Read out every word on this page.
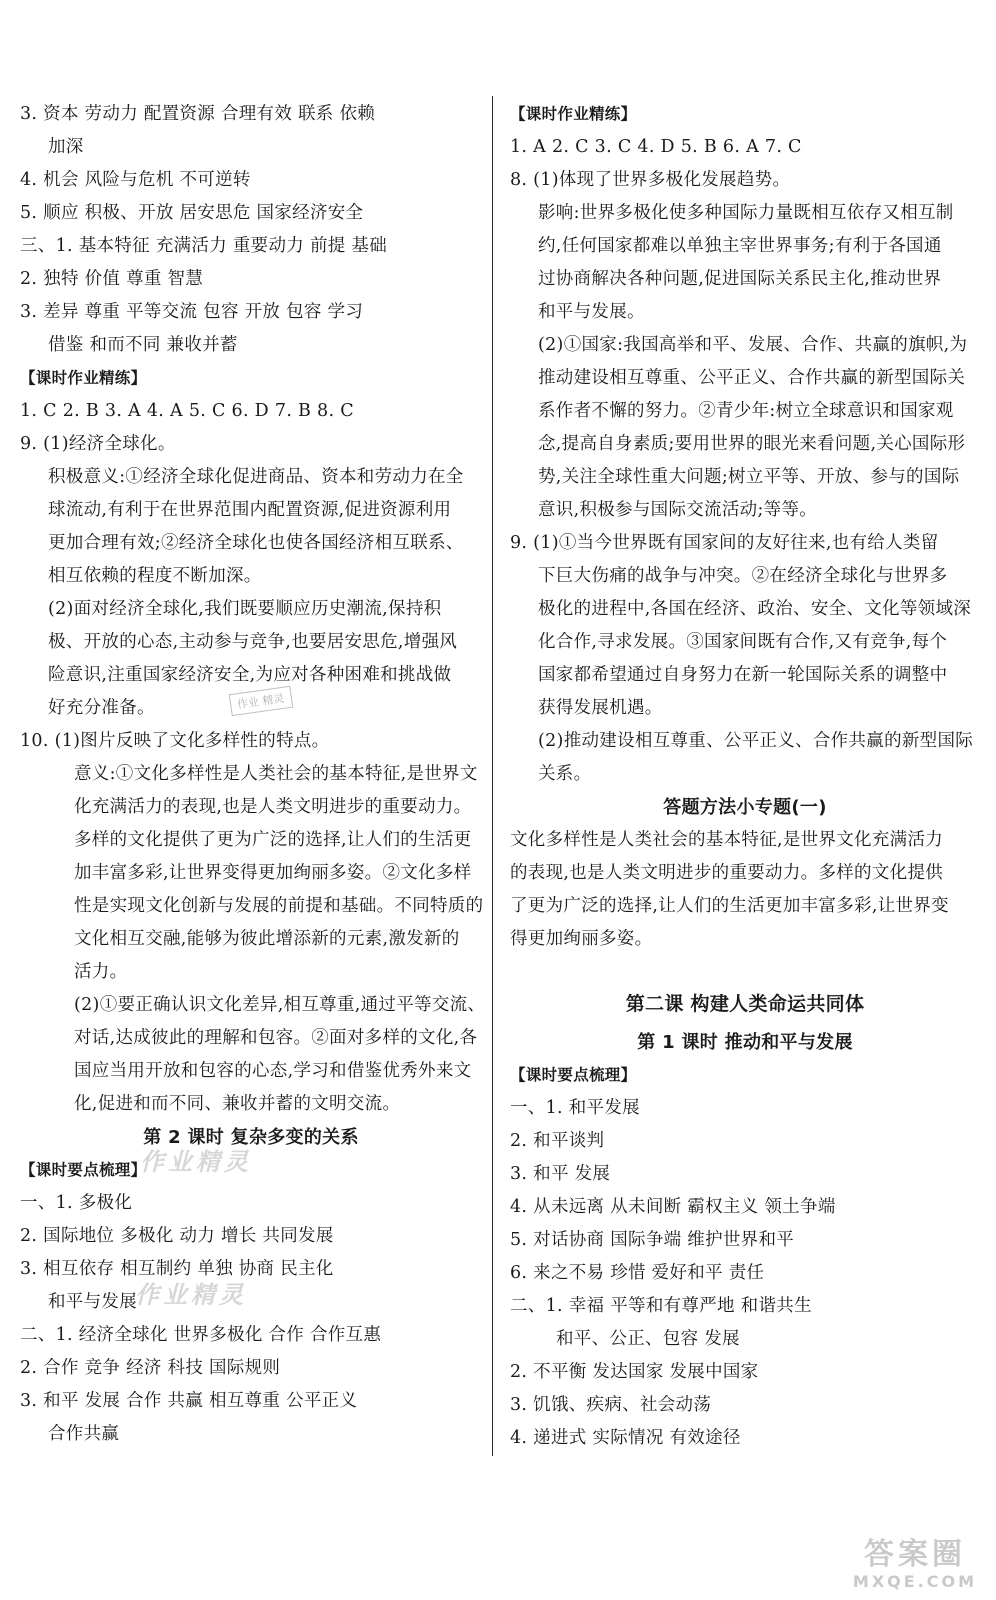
3. 资本 劳动力 配置资源 合理有效 联系 依赖
加深
4. 机会 风险与危机 不可逆转
5. 顺应 积极、开放 居安思危 国家经济安全
三、1. 基本特征 充满活力 重要动力 前提 基础
2. 独特 价值 尊重 智慧
3. 差异 尊重 平等交流 包容 开放 包容 学习
借鉴 和而不同 兼收并蓄
【课时作业精练】
1. C 2. B 3. A 4. A 5. C 6. D 7. B 8. C
9. (1)经济全球化。
积极意义:①经济全球化促进商品、资本和劳动力在全
球流动,有利于在世界范围内配置资源,促进资源利用
更加合理有效;②经济全球化也使各国经济相互联系、
相互依赖的程度不断加深。
(2)面对经济全球化,我们既要顺应历史潮流,保持积
极、开放的心态,主动参与竞争,也要居安思危,增强风
险意识,注重国家经济安全,为应对各种困难和挑战做
好充分准备。
10. (1)图片反映了文化多样性的特点。
意义:①文化多样性是人类社会的基本特征,是世界文
化充满活力的表现,也是人类文明进步的重要动力。
多样的文化提供了更为广泛的选择,让人们的生活更
加丰富多彩,让世界变得更加绚丽多姿。②文化多样
性是实现文化创新与发展的前提和基础。不同特质的
文化相互交融,能够为彼此增添新的元素,激发新的
活力。
(2)①要正确认识文化差异,相互尊重,通过平等交流、
对话,达成彼此的理解和包容。②面对多样的文化,各
国应当用开放和包容的心态,学习和借鉴优秀外来文
化,促进和而不同、兼收并蓄的文明交流。
第 2 课时 复杂多变的关系
【课时要点梳理】
一、1. 多极化
2. 国际地位 多极化 动力 增长 共同发展
3. 相互依存 相互制约 单独 协商 民主化
和平与发展
二、1. 经济全球化 世界多极化 合作 合作互惠
2. 合作 竞争 经济 科技 国际规则
3. 和平 发展 合作 共赢 相互尊重 公平正义
合作共赢
【课时作业精练】
1. A 2. C 3. C 4. D 5. B 6. A 7. C
8. (1)体现了世界多极化发展趋势。
影响:世界多极化使多种国际力量既相互依存又相互制
约,任何国家都难以单独主宰世界事务;有利于各国通
过协商解决各种问题,促进国际关系民主化,推动世界
和平与发展。
(2)①国家:我国高举和平、发展、合作、共赢的旗帜,为
推动建设相互尊重、公平正义、合作共赢的新型国际关
系作者不懈的努力。②青少年:树立全球意识和国家观
念,提高自身素质;要用世界的眼光来看问题,关心国际形
势,关注全球性重大问题;树立平等、开放、参与的国际
意识,积极参与国际交流活动;等等。
9. (1)①当今世界既有国家间的友好往来,也有给人类留
下巨大伤痛的战争与冲突。②在经济全球化与世界多
极化的进程中,各国在经济、政治、安全、文化等领域深
化合作,寻求发展。③国家间既有合作,又有竞争,每个
国家都希望通过自身努力在新一轮国际关系的调整中
获得发展机遇。
(2)推动建设相互尊重、公平正义、合作共赢的新型国际
关系。
答题方法小专题(一)
文化多样性是人类社会的基本特征,是世界文化充满活力
的表现,也是人类文明进步的重要动力。多样的文化提供
了更为广泛的选择,让人们的生活更加丰富多彩,让世界变
得更加绚丽多姿。
第二课 构建人类命运共同体
第 1 课时 推动和平与发展
【课时要点梳理】
一、1. 和平发展
2. 和平谈判
3. 和平 发展
4. 从未远离 从未间断 霸权主义 领土争端
5. 对话协商 国际争端 维护世界和平
6. 来之不易 珍惜 爱好和平 责任
二、1. 幸福 平等和有尊严地 和谐共生
和平、公正、包容 发展
2. 不平衡 发达国家 发展中国家
3. 饥饿、疾病、社会动荡
4. 递进式 实际情况 有效途径
作业 精灵
作业精灵
作业精灵
答案圈
MXQE.COM
